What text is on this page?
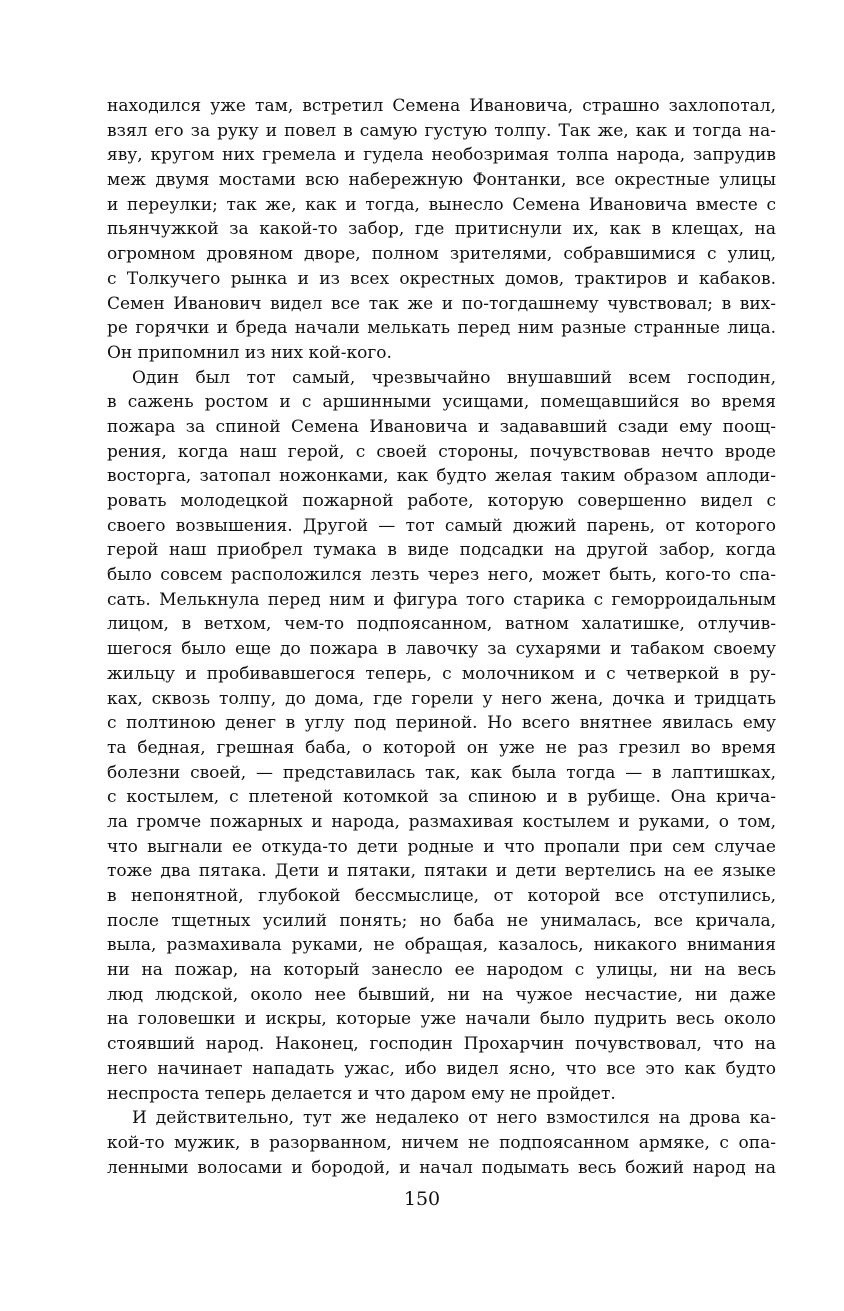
находился уже там, встретил Семена Ивановича, страшно захлопотал,
взял его за руку и повел в самую густую толпу. Так же, как и тогда на-
яву, кругом них гремела и гудела необозримая толпа народа, запрудив
меж двумя мостами всю набережную Фонтанки, все окрестные улицы
и переулки; так же, как и тогда, вынесло Семена Ивановича вместе с
пьянчужкой за какой-то забор, где притиснули их, как в клещах, на
огромном дровяном дворе, полном зрителями, собравшимися с улиц,
с Толкучего рынка и из всех окрестных домов, трактиров и кабаков.
Семен Иванович видел все так же и по-тогдашнему чувствовал; в вих-
ре горячки и бреда начали мелькать перед ним разные странные лица.
Он припомнил из них кой-кого.
Один был тот самый, чрезвычайно внушавший всем господин,
в сажень ростом и с аршинными усищами, помещавшийся во время
пожара за спиной Семена Ивановича и задававший сзади ему поощ-
рения, когда наш герой, с своей стороны, почувствовав нечто вроде
восторга, затопал ножонками, как будто желая таким образом аплоди-
ровать молодецкой пожарной работе, которую совершенно видел с
своего возвышения. Другой — тот самый дюжий парень, от которого
герой наш приобрел тумака в виде подсадки на другой забор, когда
было совсем расположился лезть через него, может быть, кого-то спа-
сать. Мелькнула перед ним и фигура того старика с геморроидальным
лицом, в ветхом, чем-то подпоясанном, ватном халатишке, отлучив-
шегося было еще до пожара в лавочку за сухарями и табаком своему
жильцу и пробивавшегося теперь, с молочником и с четверкой в ру-
ках, сквозь толпу, до дома, где горели у него жена, дочка и тридцать
с полтиною денег в углу под периной. Но всего внятнее явилась ему
та бедная, грешная баба, о которой он уже не раз грезил во время
болезни своей, — представилась так, как была тогда — в лаптишках,
с костылем, с плетеной котомкой за спиною и в рубище. Она крича-
ла громче пожарных и народа, размахивая костылем и руками, о том,
что выгнали ее откуда-то дети родные и что пропали при сем случае
тоже два пятака. Дети и пятаки, пятаки и дети вертелись на ее языке
в непонятной, глубокой бессмыслице, от которой все отступились,
после тщетных усилий понять; но баба не унималась, все кричала,
выла, размахивала руками, не обращая, казалось, никакого внимания
ни на пожар, на который занесло ее народом с улицы, ни на весь
люд людской, около нее бывший, ни на чужое несчастие, ни даже
на головешки и искры, которые уже начали было пудрить весь около
стоявший народ. Наконец, господин Прохарчин почувствовал, что на
него начинает нападать ужас, ибо видел ясно, что все это как будто
неспроста теперь делается и что даром ему не пройдет.
И действительно, тут же недалеко от него взмостился на дрова ка-
кой-то мужик, в разорванном, ничем не подпоясанном армяке, с опа-
ленными волосами и бородой, и начал подымать весь божий народ на
150
